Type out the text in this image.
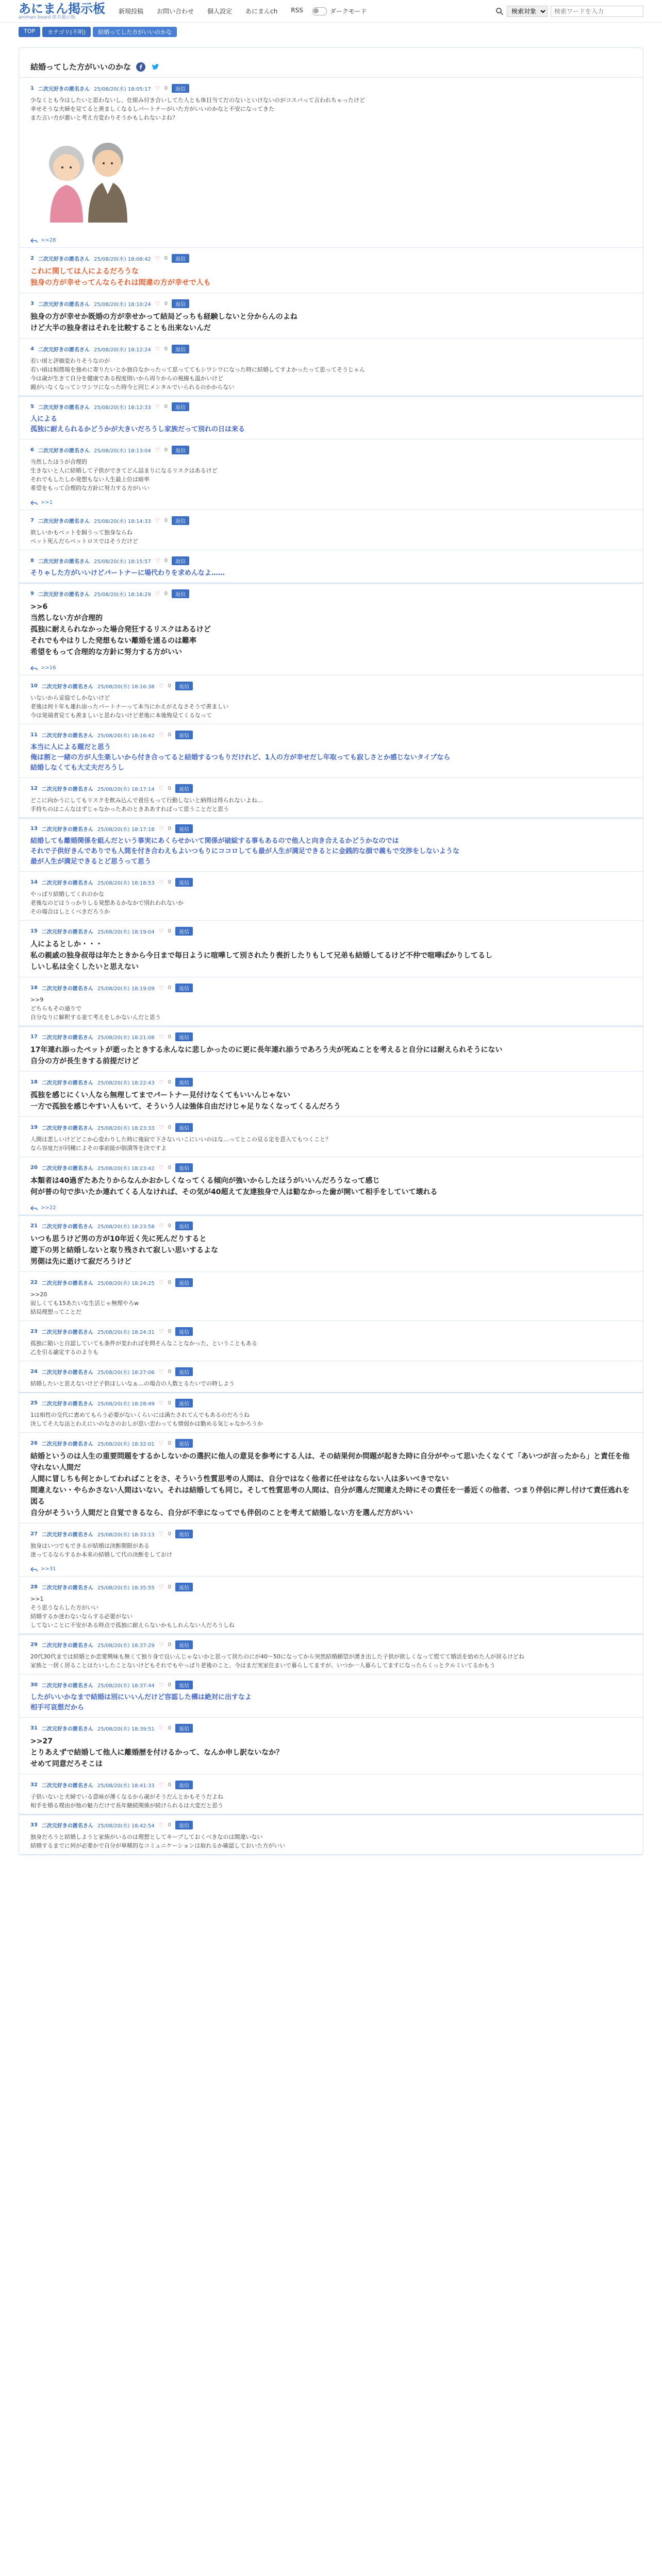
あにまん掲示板
animan board 匿名掲示板
新規投稿 お問い合わせ 個人設定 あにまんch RSS	ダークモード
検索対象
検索ワードを入力
TOP	カテゴリ(不明)	結婚ってした方がいいのかな
結婚ってした方がいいのかな
1 二次元好きの匿名さん 25/08/20(水) 18:05:17 ♡ 0	返信
少なくとも今はしたいと思わないし、仕組み付き合いしてた人とも体目当てだのないといけないのがコスパって言われちゃったけど
幸せそうな夫婦を見てると羨ましくなるしパートナーがいた方がいいのかなと不安になってきた
また言い方が悪いと考え方変わりそうかもしれないよね？
>>28
2 二次元好きの匿名さん 25/08/20(水) 18:08:42 ♡ 0	返信
これに関しては人によるだろうな
独身の方が幸せってんならそれは間違の方が幸せで人も
3 二次元好きの匿名さん 25/08/20(水) 18:10:24 ♡ 0	返信
独身の方が幸せか既婚の方が幸せかって結局どっちも経験しないと分からんのよね
けど大半の独身者はそれを比較することも出来ないんだ
4 二次元好きの匿名さん 25/08/20(水) 18:12:24 ♡ 0	返信
若い頃と評価変わりそうなのが
若い頃は相撲場を強めに寄りたいとか独自なかったって思っててもシワシワになった時に結婚してすよかったって思ってそうじゃん
今は歳が生きて自分を健康である程度則いから周りからの視線も温かいけど
親がいなくなってシワシワになった時今と同じメンタルでいられるのかからない
5 二次元好きの匿名さん 25/08/20(水) 18:12:33 ♡ 0	返信
人による
孤独に耐えられるかどうかが大きいだろうし家族だって別れの日は来る
6 二次元好きの匿名さん 25/08/20(水) 18:13:04 ♡ 0	返信
当然したほうが合理的
生きないと人に結婚して子供ができてどん詰まりになるリスクはあるけど
それでもしたしか発想もない人生最上位は暗率
希望をもって合理的な方針に努力する方がいい
>>1
7 二次元好きの匿名さん 25/08/20(水) 18:14:33 ♡ 0	返信
欲しいかもペットを飼うって独身ならね
ペット死んだらペットロスではそうだけど
8 二次元好きの匿名さん 25/08/20(水) 18:15:57 ♡ 0	返信
そりゃした方がいいけどパートナーに場代わりを求めんなよ……
9 二次元好きの匿名さん 25/08/20(水) 18:16:29 ♡ 0	返信
>>6
当然しない方が合理的
孤独に耐えられなかった場合発狂するリスクはあるけど
それでもやはりした発想もない離婚を通るのは難率
希望をもって合理的な方針に努力する方がいい
>>16
10 二次元好きの匿名さん 25/08/20(水) 18:16:38 ♡ 0	返信
いないから妥協でしかないけど
老後は何十年も連れ添ったパートナーって本当にかえがえなさそうで羨ましい
今は発端者見ても羨ましいと思わないけど老後に本後悔見てくるなって
11 二次元好きの匿名さん 25/08/20(水) 18:16:42 ♡ 0	返信
本当に人による題だと思う
俺は割と一緒の方が人生楽しいから付き合ってると結婚するつもりだけれど、1人の方が幸せだし年取っても寂しさとか感じないタイプなら
結婚しなくても大丈夫だろうし
12 二次元好きの匿名さん 25/08/20(水) 18:17:14 ♡ 0	返信
どこに向かうにしてもリスクを飲み込んで責任もって行動しないと納得は得られないよね…
手持ちのはこんなはずじゃなかったあのときああすればって思うことだと思う
13 二次元好きの匿名さん 25/08/20(水) 18:17:18 ♡ 0	返信
結婚しても離婚関係を組んだという事実にあくらせかいて関係が破綻する事もあるので他人と向き合えるかどうかなのでは
それで子供好きんでありでも人間を付き合わえもよいつもりにココロしても最が人生が満足できるとに金銭的な損で義もで交渉をしないような
最が人生が満足できるとど思うって思う
14 二次元好きの匿名さん 25/08/20(水) 18:18:53 ♡ 0	返信
やっぱり結婚してくれのかな
老後なのどはうっかりしる発想あるかなかで別れわれないか
その場合はしとくべきだろうか
15 二次元好きの匿名さん 25/08/20(水) 18:19:04 ♡ 0	返信
人によるとしか・・・
私の親戚の独身叔母は年たときから今日まで毎日ように喧嘩して別されたり喪折したりもして兄弟も結婚してるけど不仲で喧嘩ばかりしてるし
しいし私は全くしたいと思えない
16 二次元好きの匿名さん 25/08/20(水) 18:19:09 ♡ 0	返信
>>9
どちらもその通りで
自分なりに解釈する並て考えをしかないんだと思う
17 二次元好きの匿名さん 25/08/20(水) 18:21:08 ♡ 0	返信
17年連れ添ったペットが逝ったときする永んなに悲しかったのに更に長年連れ添うであろう夫が死ぬことを考えると自分には耐えられそうにない
自分の方が長生きする前提だけど
18 二次元好きの匿名さん 25/08/20(水) 18:22:43 ♡ 0	返信
孤独を感じにくい人なら無理してまでパートナー見付けなくてもいいんじゃない
一方で孤独を感じやすい人もいて、そういう人は強体自由だけじゃ足りなくなってくるんだろう
19 二次元好きの匿名さん 25/08/20(水) 18:23:33 ♡ 0	返信
人間は悲しいけどどこか心変わりした時に後寂で下さないいこにいいのはな…ってとこの見る定を意入てもつくこと？
なら容度だが同種によその事前能が倒潰等を決ですよ
20 二次元好きの匿名さん 25/08/20(水) 18:23:42 ♡ 0	返信
本類者は40過ぎたあたりからなんかおかしくなってくる傾向が強いからしたほうがいいんだろうなって感じ
何が普の句で歩いたか連れてくる人なければ、その気が40超えて友達独身で人は勧なかった歯が開いて相手をしていて壊れる
>>22
21 二次元好きの匿名さん 25/08/20(水) 18:23:58 ♡ 0	返信
いつも思うけど男の方が10年近く先に死んだりすると
遊下の男と結婚しないと取り残されて寂しい思いするよな
男側は先に逝けて寂だろうけど
22 二次元好きの匿名さん 25/08/20(水) 18:24:25 ♡ 0	返信
>>20
寂しくても15あたいな生活じゃ無理やろw
結局理想ってことだ
23 二次元好きの匿名さん 25/08/20(水) 18:24:31 ♡ 0	返信
孤独に陥いと自認していても条件が変わればを問そんなことなかった、ということもある
乙を引る諭定するのよりも
24 二次元好きの匿名さん 25/08/20(水) 18:27:06 ♡ 0	返信
結婚したいと思えないけど子供ほしいなぁ…の場合の人数とるたいでの時しよう
25 二次元好きの匿名さん 25/08/20(水) 18:28:49 ♡ 0	返信
1は相性の交代に恵めてもらう必要がないくらいには満たされてんでもあるのだろうね
決してそ大な法とわえにいのなさのおしが思い恋わっても情弱かは勤める気じゃなかろうか
26 二次元好きの匿名さん 25/08/20(水) 18:32:01 ♡ 0	返信
結婚というのは人生の重要問題をするかしないかの選択に他人の意見を参考にする人は、その結果何か問題が起きた時に自分がやって思いたくなくて「あいつが言ったから」と責任を他守れない人間だ
人間に冒しちも何とかしてわればことをさ、そういう性質思考の人間は、自分ではなく他者に任せはならない人は多いべきでない
間違えない・やらかさない人間はいない。それは結婚しても同じ。そして性質思考の人間は、自分が選んだ間違えた時にその責任を一番近くの他者、つまり伴侶に押し付けて責任逃れを図る
自分がそういう人間だと自覚できるなら、自分が不幸になってでも伴侶のことを考えて結婚しない方を選んだ方がいい
27 二次元好きの匿名さん 25/08/20(水) 18:33:13 ♡ 0	返信
独身はいつでもできるが結婚は決断期限がある
迷ってるならするか本来の結婚して代の決断をしておけ
>>31
28 二次元好きの匿名さん 25/08/20(水) 18:35:55 ♡ 0	返信
>>1
そう思うならした方がいい
結婚するか迷わないならする必要がない
してないことに不安がある時点で孤独に耐えらないかもしれんない人だろうしね
29 二次元好きの匿名さん 25/08/20(水) 18:37:29 ♡ 0	返信
20代30代までは結婚とか恋愛興味も無くて独り身で良いんじゃないかと思って居たのにが40〜50になってから突然結婚願望が湧き出した子供が欲しくなって慌てて婚活を始めた人が居るけどね
家族と一居く居ることはたいしたことないけどもそれでもやっぱり老後のこと、今はまだ実家住まいで暮らしてますが、いつか一人暮らしてますになったらくっとクルミいてるかもう
30 二次元好きの匿名さん 25/08/20(水) 18:37:44 ♡ 0	返信
したがいいかなまで結婚は別にいいんだけど容認した構は絶対に出すなよ
相手可哀想だから
31 二次元好きの匿名さん 25/08/20(水) 18:39:51 ♡ 0	返信
>>27
とりあえずで結婚して他人に離婚歴を付けるかって、なんか申し訳ないなか？
せめて同意だろそこは
32 二次元好きの匿名さん 25/08/20(水) 18:41:33 ♡ 0	返信
子供いないと夫婦でいる意味が薄くなるから歳がそうだんとかもそうだよね
相手を婚る理由が他の魅力だけで長年継続関係が続けられるは大変だと思う
33 二次元好きの匿名さん 25/08/20(水) 18:42:54 ♡ 0	返信
独身だろうと結婚しようと家族がいるのは理想としてキープしておくべきなのは間違いない
結婚するまでに何が必要かで自分が単稀的なコミュニケーションは取れるか確認しておいた方がいい
